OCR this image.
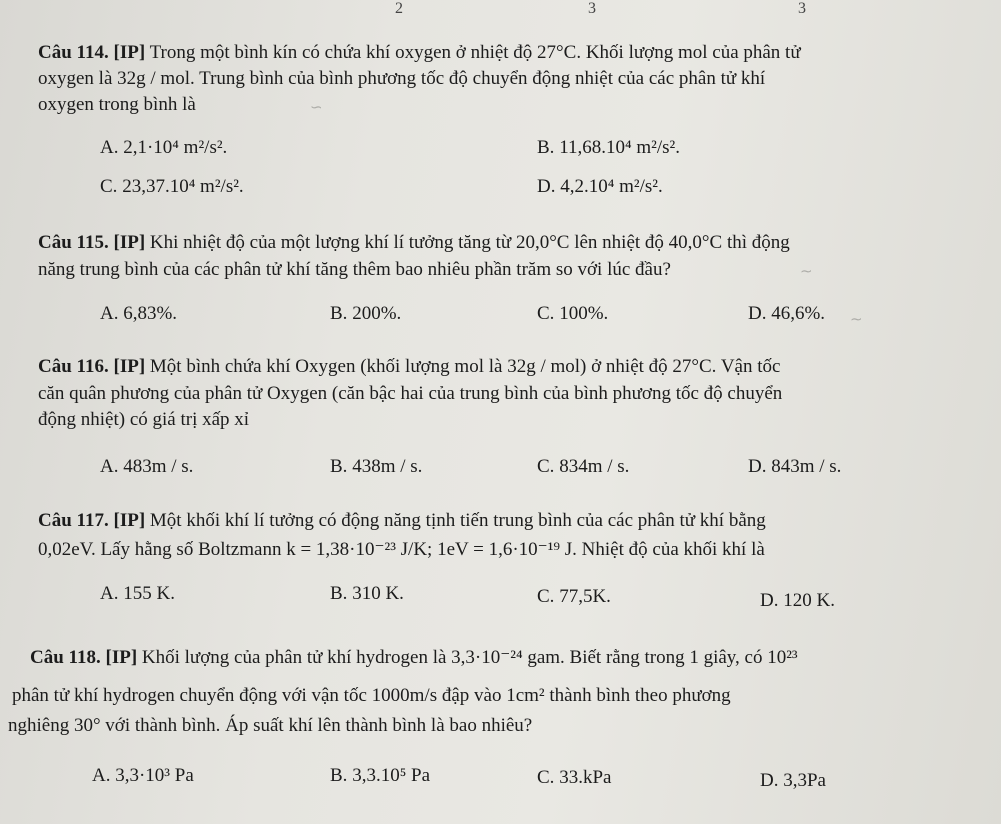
2	3	3
Câu 114. [IP] Trong một bình kín có chứa khí oxygen ở nhiệt độ 27°C. Khối lượng mol của phân tử
oxygen là 32g / mol. Trung bình của bình phương tốc độ chuyển động nhiệt của các phân tử khí
oxygen trong bình là
A. 2,1·10⁴ m²/s².	B. 11,68.10⁴ m²/s².
C. 23,37.10⁴ m²/s².	D. 4,2.10⁴ m²/s².
Câu 115. [IP] Khi nhiệt độ của một lượng khí lí tưởng tăng từ 20,0°C lên nhiệt độ 40,0°C thì động
năng trung bình của các phân tử khí tăng thêm bao nhiêu phần trăm so với lúc đầu?
A. 6,83%.	B. 200%.	C. 100%.	D. 46,6%.
Câu 116. [IP] Một bình chứa khí Oxygen (khối lượng mol là 32g / mol) ở nhiệt độ 27°C. Vận tốc
căn quân phương của phân tử Oxygen (căn bậc hai của trung bình của bình phương tốc độ chuyển
động nhiệt) có giá trị xấp xỉ
A. 483m / s.	B. 438m / s.	C. 834m / s.	D. 843m / s.
Câu 117. [IP] Một khối khí lí tưởng có động năng tịnh tiến trung bình của các phân tử khí bằng
0,02eV. Lấy hằng số Boltzmann k = 1,38·10⁻²³ J/K; 1eV = 1,6·10⁻¹⁹ J. Nhiệt độ của khối khí là
A. 155 K.	B. 310 K.	C. 77,5K.	D. 120 K.
Câu 118. [IP] Khối lượng của phân tử khí hydrogen là 3,3·10⁻²⁴ gam. Biết rằng trong 1 giây, có 10²³
phân tử khí hydrogen chuyển động với vận tốc 1000m/s đập vào 1cm² thành bình theo phương
nghiêng 30° với thành bình. Áp suất khí lên thành bình là bao nhiêu?
A. 3,3·10³ Pa	B. 3,3.10⁵ Pa	C. 33.kPa	D. 3,3Pa
∽
∼
∼
